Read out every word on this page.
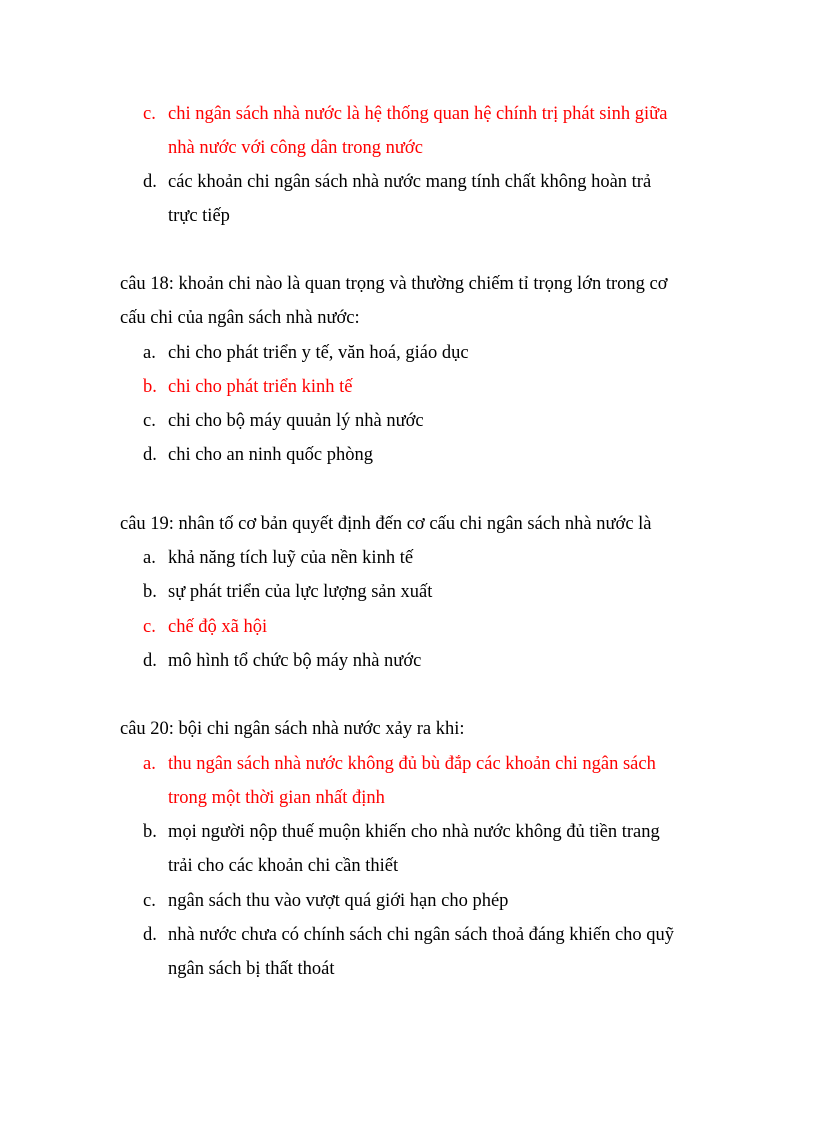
c. chi ngân sách nhà nước là hệ thống quan hệ chính trị phát sinh giữa
nhà nước với công dân trong nước
d. các khoản chi ngân sách nhà nước mang tính chất không hoàn trả
trực tiếp
câu 18: khoản chi nào là quan trọng và thường chiếm tỉ trọng lớn trong cơ
cấu chi của ngân sách nhà nước:
a. chi cho phát triển y tế, văn hoá, giáo dục
b. chi cho phát triển kinh tế
c. chi cho bộ máy quuản lý nhà nước
d. chi cho an ninh quốc phòng
câu 19: nhân tố cơ bản quyết định đến cơ cấu chi ngân sách nhà nước là
a. khả năng tích luỹ của nền kinh tế
b. sự phát triển của lực lượng sản xuất
c. chế độ xã hội
d. mô hình tổ chức bộ máy nhà nước
câu 20: bội chi ngân sách nhà nước xảy ra khi:
a. thu ngân sách nhà nước không đủ bù đắp các khoản chi ngân sách
trong một thời gian nhất định
b. mọi người nộp thuế muộn khiến cho nhà nước không đủ tiền trang
trải cho các khoản chi cần thiết
c. ngân sách thu vào vượt quá giới hạn cho phép
d. nhà nước chưa có chính sách chi ngân sách thoả đáng khiến cho quỹ
ngân sách bị thất thoát
